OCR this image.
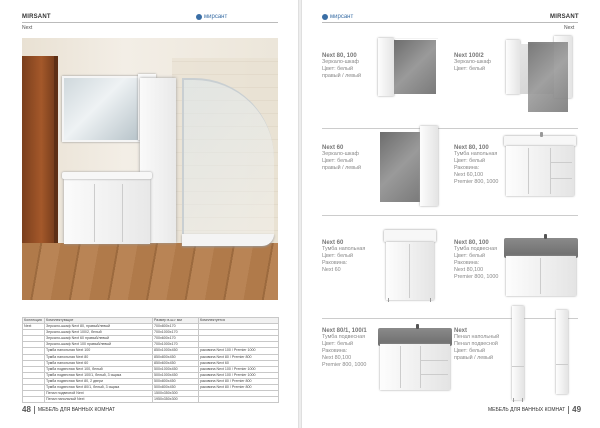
MIRSANT	мирсант
Next
Коллекция	Комплектующие	Размер в-ш-г мм	Комплектуется
Next	Зеркало-шкаф Next 80, правый/левый	700х800х170	
	Зеркало-шкаф Next 100/2, белый	700х1000х170	
	Зеркало-шкаф Next 60 правый/левый	700х600х170	
	Зеркало-шкаф Next 100 правый/левый	700х1000х170	
	Тумба напольная Next 100	850х1000х450	раковина Next 100 / Premier 1000
	Тумба напольная Next 80	850х800х450	раковина Next 80 / Premier 800
	Тумба напольная Next 60	850х600х450	раковина Next 60
	Тумба подвесная Next 100, белый	500х1000х450	раковина Next 100 / Premier 1000
	Тумба подвесная Next 100/1, белый, 3 ящика	500х1000х450	раковина Next 100 / Premier 1000
	Тумба подвесная Next 80, 2 двери	500х800х450	раковина Next 80 / Premier 800
	Тумба подвесная Next 80/1, белый, 3 ящика	500х800х450	раковина Next 80 / Premier 800
	Пенал подвесной Next	1500х350х300	
	Пенал напольный Next	1950х350х300	
48 МЕБЕЛЬ ДЛЯ ВАННЫХ КОМНАТ
мирсант	MIRSANT
Next
МЕБЕЛЬ ДЛЯ ВАННЫХ КОМНАТ 49
Next 80, 100
Зеркало-шкаф
Цвет: белый
правый / левый
Next 100/2
Зеркало-шкаф
Цвет: белый
Next 60
Зеркало-шкаф
Цвет: белый
правый / левый
Next 80, 100
Тумба напольная
Цвет: белый
Раковина:
Next 60,100
Premier 800, 1000
Next 60
Тумба напольная
Цвет: белый
Раковина:
Next 60
Next 80, 100
Тумба подвесная
Цвет: белый
Раковина:
Next 80,100
Premier 800, 1000
Next 80/1, 100/1
Тумба подвесная
Цвет: белый
Раковина:
Next 80,100
Premier 800, 1000
Next
Пенал напольный
Пенал подвесной
Цвет: белый
правый / левый
